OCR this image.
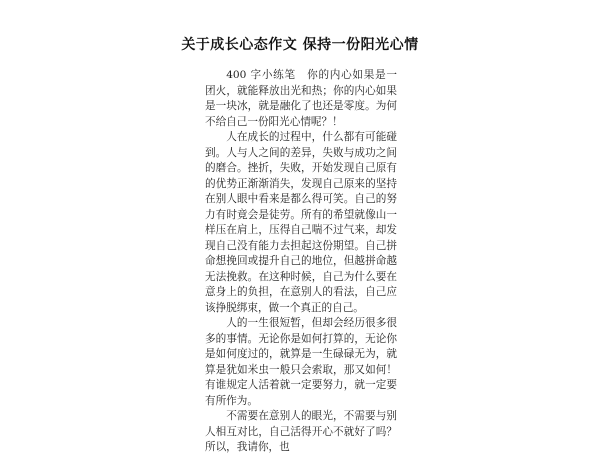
关于成长心态作文 保持一份阳光心情

400 字小练笔　你的内心如果是一团火，就能释放出光和热；你的内心如果是一块冰，就是融化了也还是零度。为何不给自己一份阳光心情呢？！

人在成长的过程中，什么都有可能碰到。人与人之间的差异，失败与成功之间的磨合。挫折，失败，开始发现自己原有的优势正渐渐消失，发现自己原来的坚持在别人眼中看来是都么得可笑。自己的努力有时竟会是徒劳。所有的希望就像山一样压在肩上，压得自己喘不过气来，却发现自己没有能力去担起这份期望。自己拼命想挽回或提升自己的地位，但越拼命越无法挽救。在这种时候，自己为什么要在意身上的负担，在意别人的看法，自己应该挣脱绑束，做一个真正的自己。

人的一生很短暂，但却会经历很多很多的事情。无论你是如何打算的，无论你是如何度过的，就算是一生碌碌无为，就算是犹如米虫一般只会索取，那又如何！有谁规定人活着就一定要努力，就一定要有所作为。

不需要在意别人的眼光，不需要与别人相互对比，自己活得开心不就好了吗？所以，我请你，也
